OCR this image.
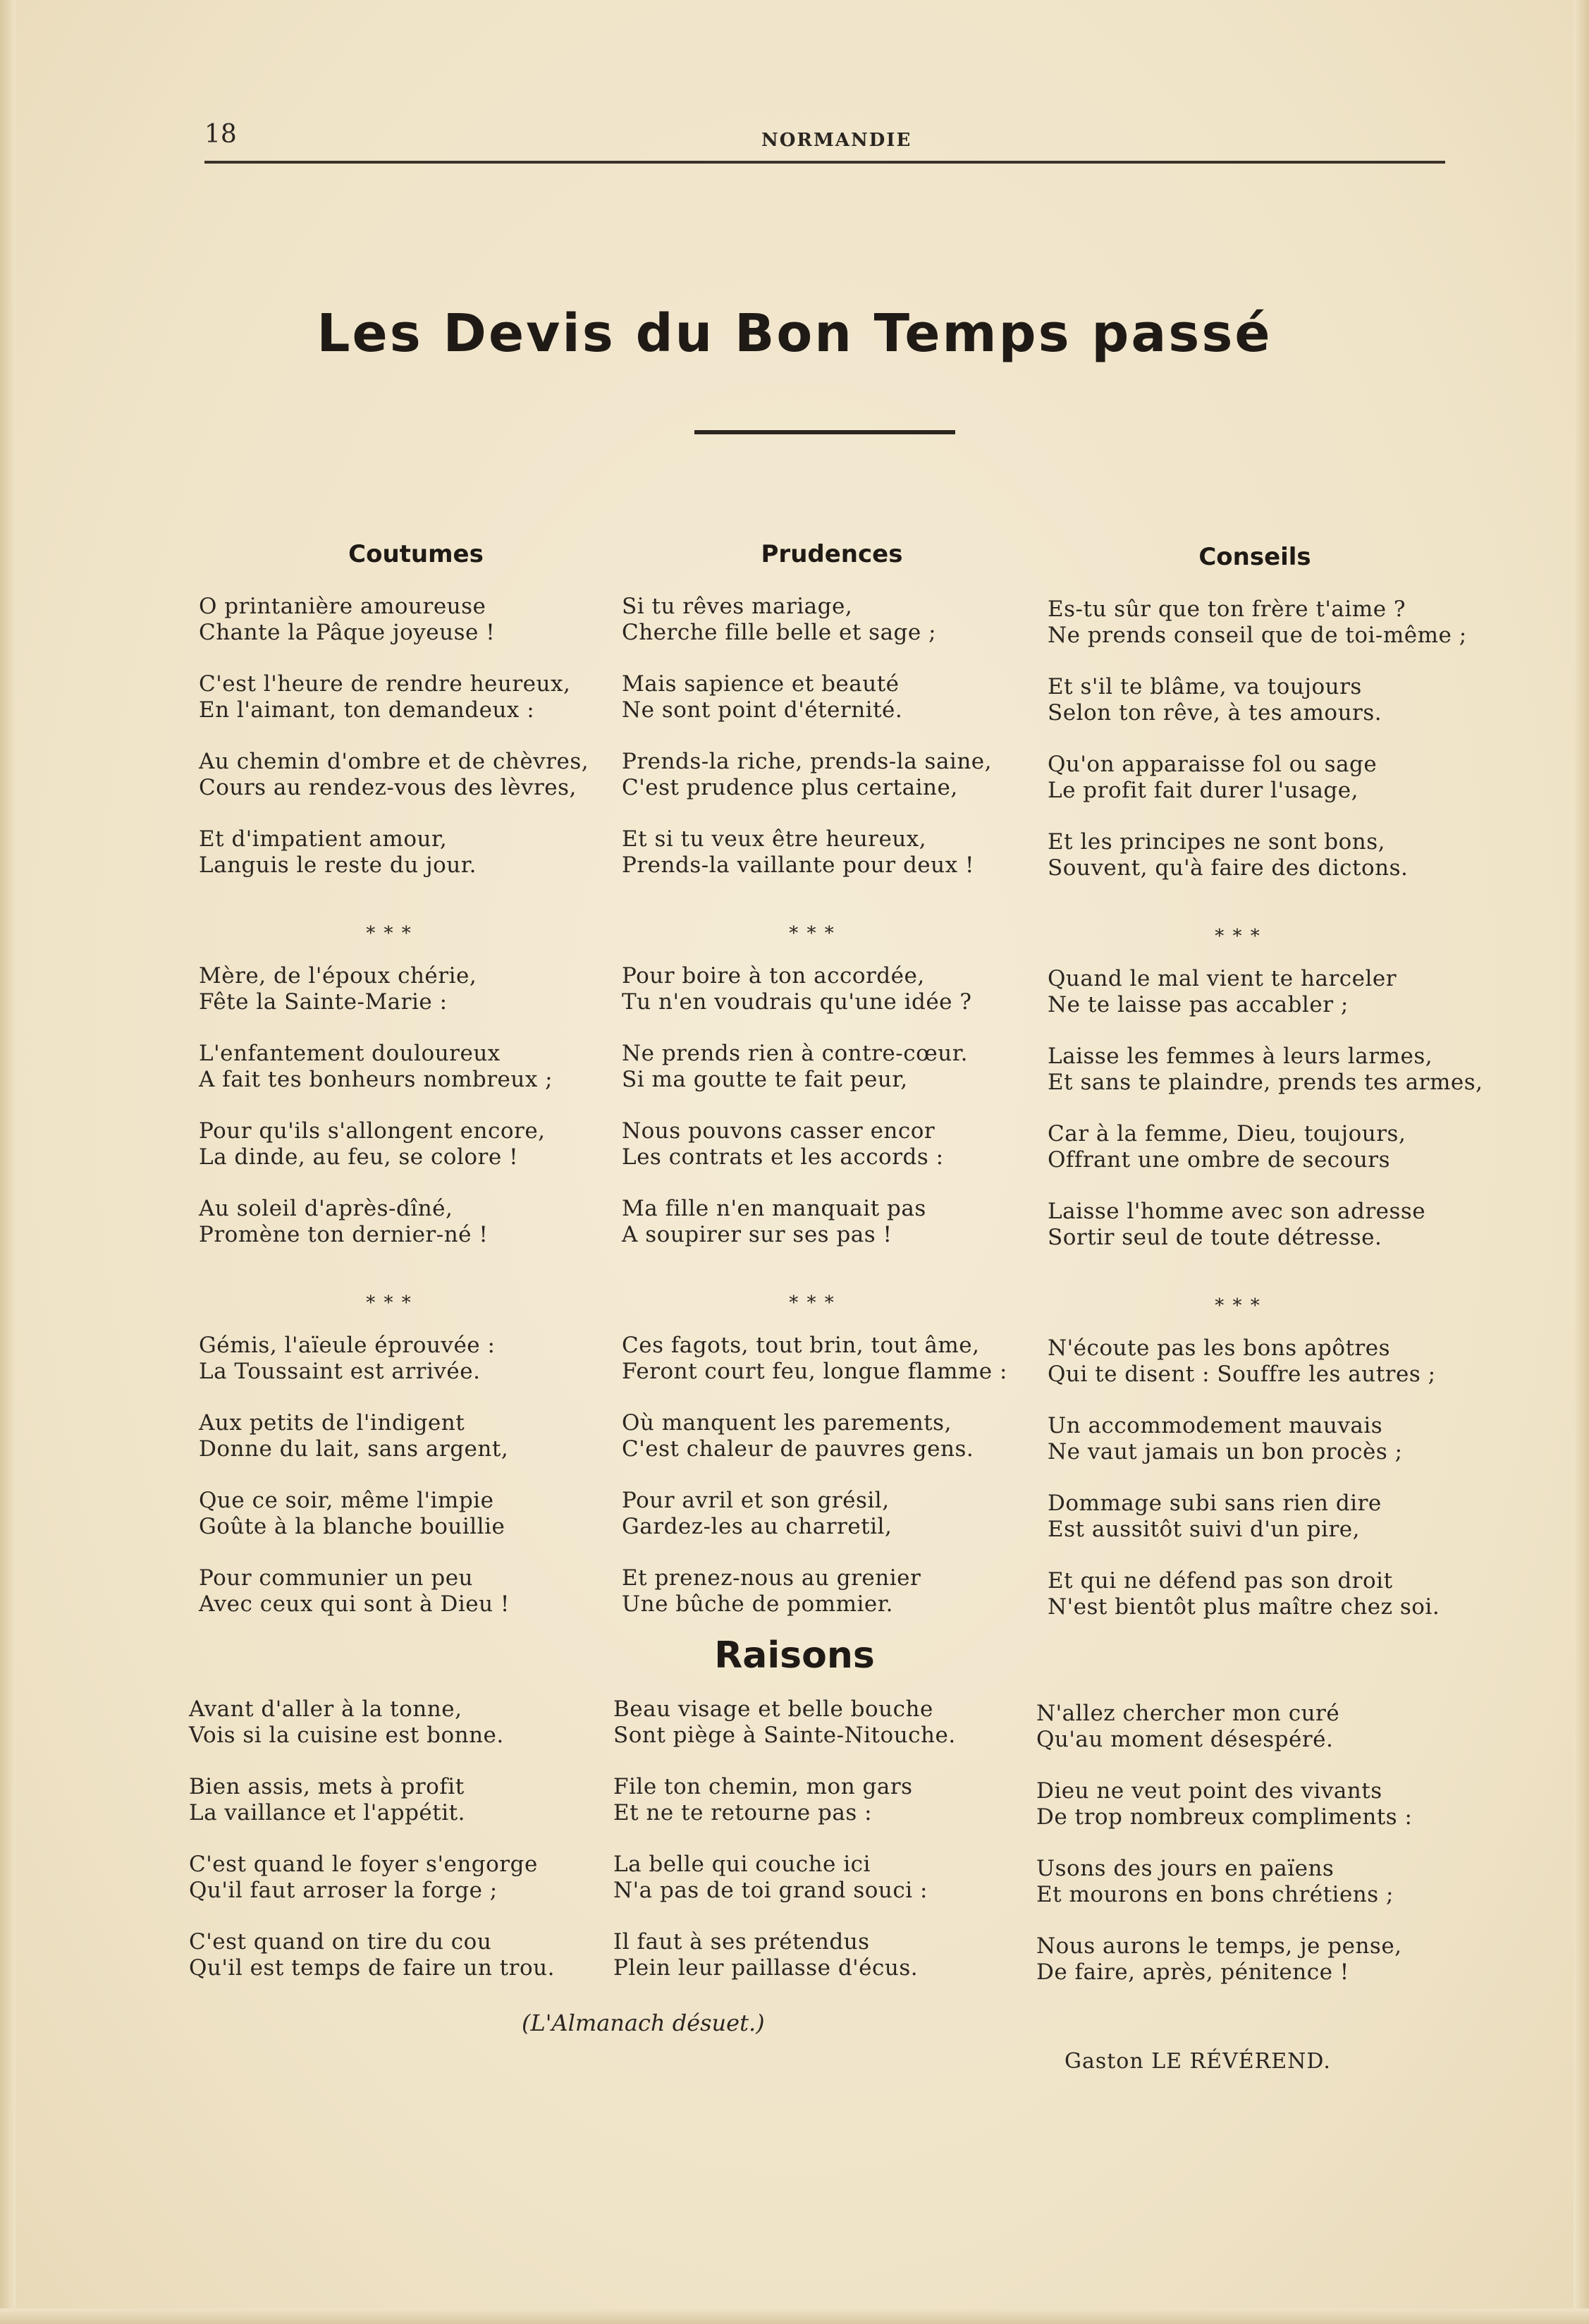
18	NORMANDIE
Les Devis du Bon Temps passé
Coutumes	Prudences	Conseils
O printanière amoureuse
Chante la Pâque joyeuse !
C'est l'heure de rendre heureux,
En l'aimant, ton demandeux :
Au chemin d'ombre et de chèvres,
Cours au rendez-vous des lèvres,
Et d'impatient amour,
Languis le reste du jour.
* * *
Mère, de l'époux chérie,
Fête la Sainte-Marie :
L'enfantement douloureux
A fait tes bonheurs nombreux ;
Pour qu'ils s'allongent encore,
La dinde, au feu, se colore !
Au soleil d'après-dîné,
Promène ton dernier-né !
* * *
Gémis, l'aïeule éprouvée :
La Toussaint est arrivée.
Aux petits de l'indigent
Donne du lait, sans argent,
Que ce soir, même l'impie
Goûte à la blanche bouillie
Pour communier un peu
Avec ceux qui sont à Dieu !
Si tu rêves mariage,
Cherche fille belle et sage ;
Mais sapience et beauté
Ne sont point d'éternité.
Prends-la riche, prends-la saine,
C'est prudence plus certaine,
Et si tu veux être heureux,
Prends-la vaillante pour deux !
* * *
Pour boire à ton accordée,
Tu n'en voudrais qu'une idée ?
Ne prends rien à contre-cœur.
Si ma goutte te fait peur,
Nous pouvons casser encor
Les contrats et les accords :
Ma fille n'en manquait pas
A soupirer sur ses pas !
* * *
Ces fagots, tout brin, tout âme,
Feront court feu, longue flamme :
Où manquent les parements,
C'est chaleur de pauvres gens.
Pour avril et son grésil,
Gardez-les au charretil,
Et prenez-nous au grenier
Une bûche de pommier.
Es-tu sûr que ton frère t'aime ?
Ne prends conseil que de toi-même ;
Et s'il te blâme, va toujours
Selon ton rêve, à tes amours.
Qu'on apparaisse fol ou sage
Le profit fait durer l'usage,
Et les principes ne sont bons,
Souvent, qu'à faire des dictons.
* * *
Quand le mal vient te harceler
Ne te laisse pas accabler ;
Laisse les femmes à leurs larmes,
Et sans te plaindre, prends tes armes,
Car à la femme, Dieu, toujours,
Offrant une ombre de secours
Laisse l'homme avec son adresse
Sortir seul de toute détresse.
* * *
N'écoute pas les bons apôtres
Qui te disent : Souffre les autres ;
Un accommodement mauvais
Ne vaut jamais un bon procès ;
Dommage subi sans rien dire
Est aussitôt suivi d'un pire,
Et qui ne défend pas son droit
N'est bientôt plus maître chez soi.
Raisons
Avant d'aller à la tonne,
Vois si la cuisine est bonne.
Bien assis, mets à profit
La vaillance et l'appétit.
C'est quand le foyer s'engorge
Qu'il faut arroser la forge ;
C'est quand on tire du cou
Qu'il est temps de faire un trou.
Beau visage et belle bouche
Sont piège à Sainte-Nitouche.
File ton chemin, mon gars
Et ne te retourne pas :
La belle qui couche ici
N'a pas de toi grand souci :
Il faut à ses prétendus
Plein leur paillasse d'écus.
N'allez chercher mon curé
Qu'au moment désespéré.
Dieu ne veut point des vivants
De trop nombreux compliments :
Usons des jours en païens
Et mourons en bons chrétiens ;
Nous aurons le temps, je pense,
De faire, après, pénitence !
(L'Almanach désuet.)
Gaston LE RÉVÉREND.
